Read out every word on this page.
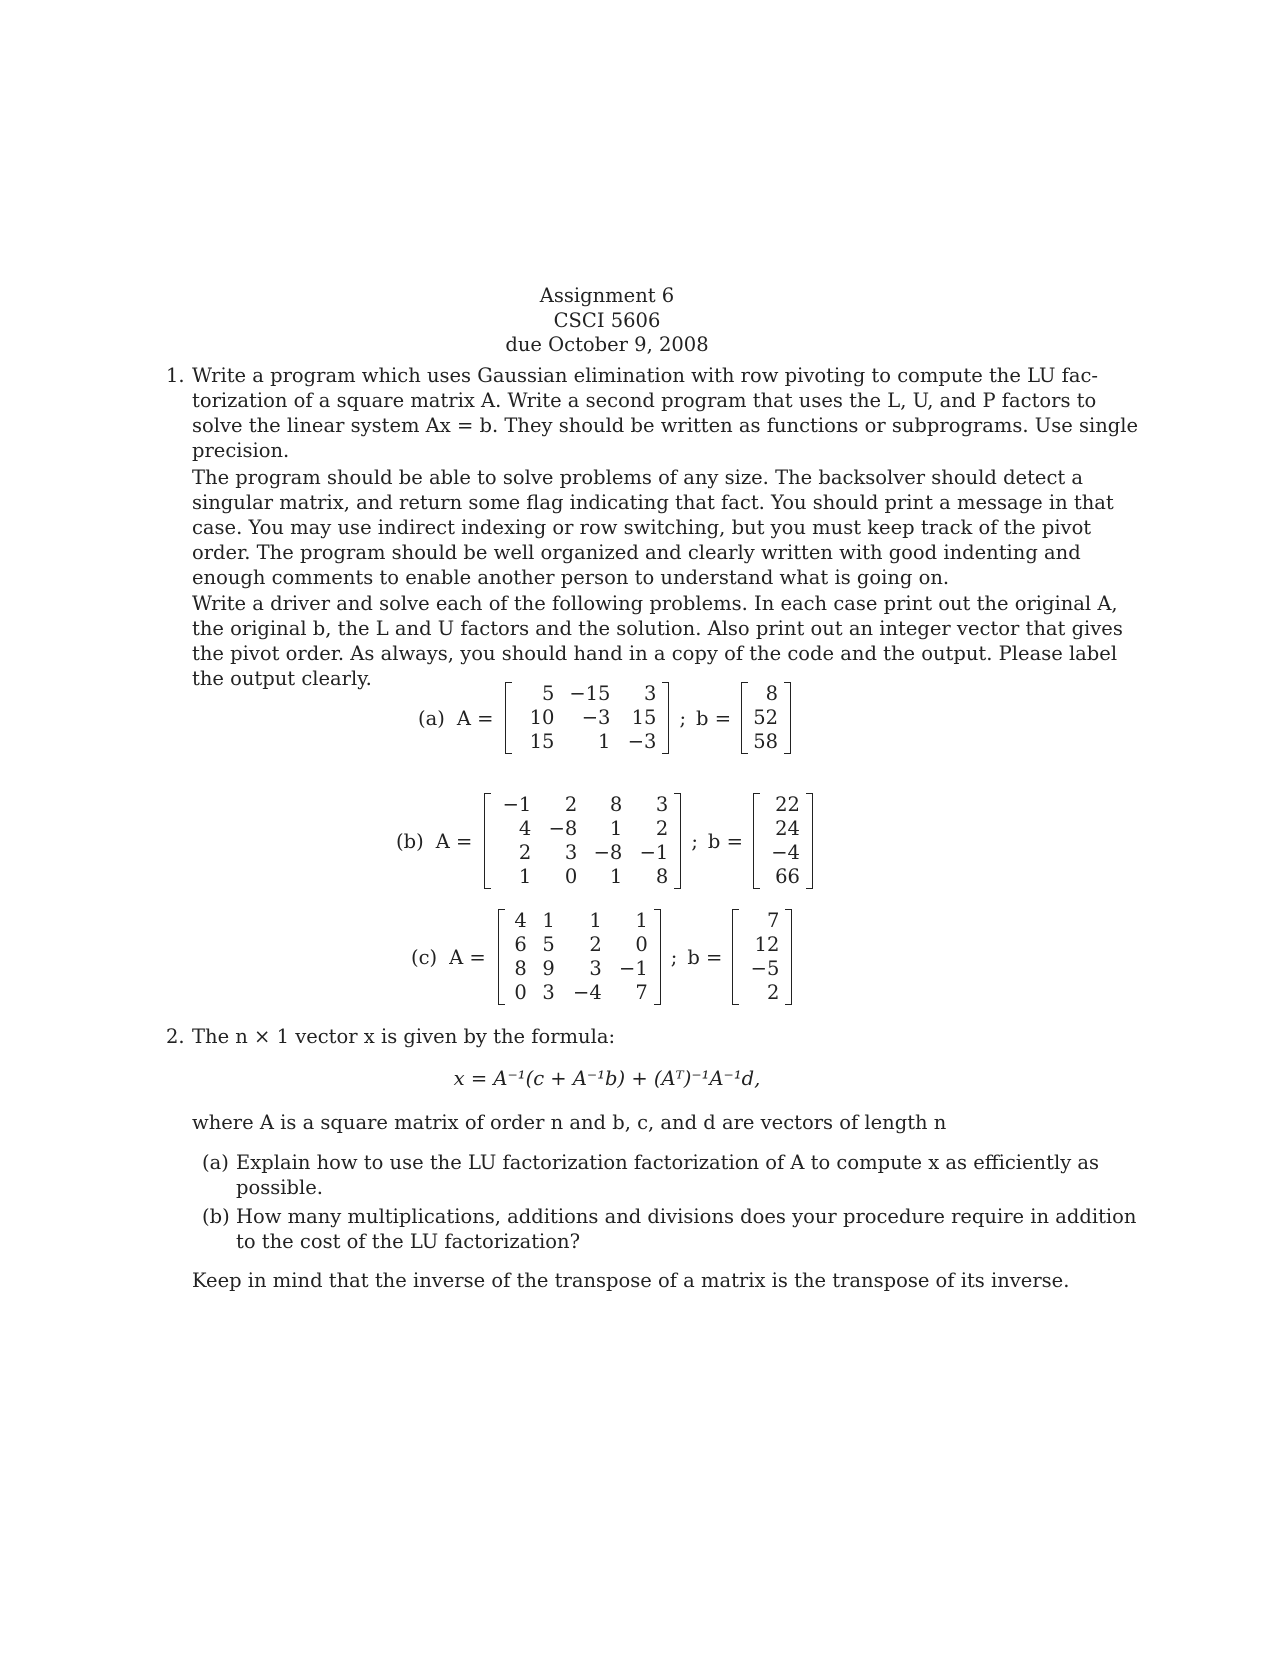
Assignment 6
CSCI 5606
due October 9, 2008
1. Write a program which uses Gaussian elimination with row pivoting to compute the LU fac-
torization of a square matrix A. Write a second program that uses the L, U, and P factors to
solve the linear system Ax = b. They should be written as functions or subprograms. Use single
precision.
The program should be able to solve problems of any size. The backsolver should detect a
singular matrix, and return some flag indicating that fact. You should print a message in that
case. You may use indirect indexing or row switching, but you must keep track of the pivot
order. The program should be well organized and clearly written with good indenting and
enough comments to enable another person to understand what is going on.
Write a driver and solve each of the following problems. In each case print out the original A,
the original b, the L and U factors and the solution. Also print out an integer vector that gives
the pivot order. As always, you should hand in a copy of the code and the output. Please label
the output clearly.
(a) A =
5	−15	3
10	−3	15
15	1	−3
; b =
8
52
58
(b) A =
−1	2	8	3
4	−8	1	2
2	3	−8	−1
1	0	1	8
; b =
22
24
−4
66
(c) A =
4	1	1	1
6	5	2	0
8	9	3	−1
0	3	−4	7
; b =
7
12
−5
2
2. The n × 1 vector x is given by the formula:
x = A⁻¹(c + A⁻¹b) + (Aᵀ)⁻¹A⁻¹d,
where A is a square matrix of order n and b, c, and d are vectors of length n
(a) Explain how to use the LU factorization factorization of A to compute x as efficiently as
possible.
(b) How many multiplications, additions and divisions does your procedure require in addition
to the cost of the LU factorization?
Keep in mind that the inverse of the transpose of a matrix is the transpose of its inverse.
